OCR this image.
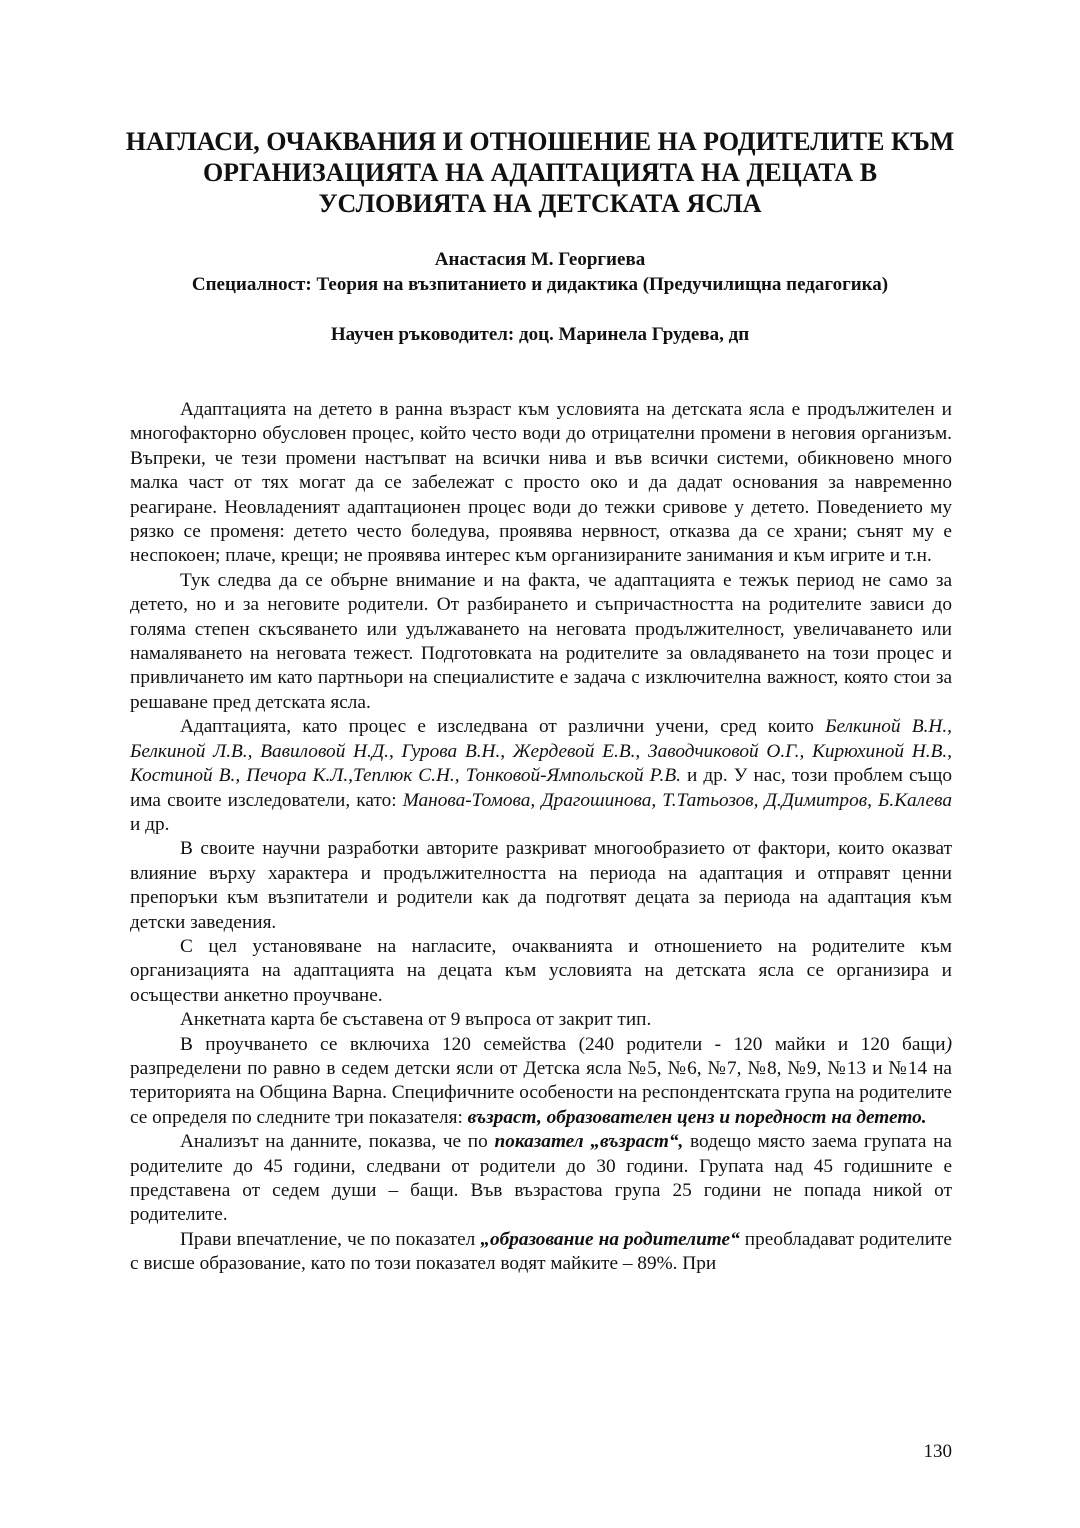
НАГЛАСИ, ОЧАКВАНИЯ И ОТНОШЕНИЕ НА РОДИТЕЛИТЕ КЪМ
ОРГАНИЗАЦИЯТА НА АДАПТАЦИЯТА НА ДЕЦАТА В
УСЛОВИЯТА НА ДЕТСКАТА ЯСЛА

Анастасия М. Георгиева

Специалност: Теория на възпитанието и дидактика (Предучилищна педагогика)

Научен ръководител: доц. Маринела Грудева, дп

Адаптацията на детето в ранна възраст към условията на детската ясла е продължителен и многофакторно обусловен процес, който често води до отрицателни промени в неговия организъм. Въпреки, че тези промени настъпват на всички нива и във всички системи, обикновено много малка част от тях могат да се забележат с просто око и да дадат основания за навременно реагиране. Неовладеният адаптационен процес води до тежки сривове у детето. Поведението му рязко се променя: детето често боледува, проявява нервност, отказва да се храни; сънят му е неспокоен; плаче, крещи; не проявява интерес към организираните занимания и към игрите и т.н.

Тук следва да се обърне внимание и на факта, че адаптацията е тежък период не само за детето, но и за неговите родители. От разбирането и съпричастността на родителите зависи до голяма степен скъсяването или удължаването на неговата продължителност, увеличаването или намаляването на неговата тежест. Подготовката на родителите за овладяването на този процес и привличането им като партньори на специалистите е задача с изключителна важност, която стои за решаване пред детската ясла.

Адаптацията, като процес е изследвана от различни учени, сред които Белкиной В.Н., Белкиной Л.В., Вавиловой Н.Д., Гурова В.Н., Жердевой Е.В., Заводчиковой О.Г., Кирюхиной Н.В., Костиной В., Печора К.Л.,Теплюк С.Н., Тонковой-Ямпольской Р.В. и др. У нас, този проблем също има своите изследователи, като: Манова-Томова, Драгошинова, Т.Татьозов, Д.Димитров, Б.Калева и др.

В своите научни разработки авторите разкриват многообразието от фактори, които оказват влияние върху характера и продължителността на периода на адаптация и отправят ценни препоръки към възпитатели и родители как да подготвят децата за периода на адаптация към детски заведения.

С цел установяване на нагласите, очакванията и отношението на родителите към организацията на адаптацията на децата към условията на детската ясла се организира и осъществи анкетно проучване.

Анкетната карта бе съставена от 9 въпроса от закрит тип.

В проучването се включиха 120 семейства (240 родители - 120 майки и 120 бащи) разпределени по равно в седем детски ясли от Детска ясла №5, №6, №7, №8, №9, №13 и №14 на територията на Община Варна. Специфичните особености на респондентската група на родителите се определя по следните три показателя: възраст, образователен ценз и поредност на детето.

Анализът на данните, показва, че по показател „възраст“, водещо място заема групата на родителите до 45 години, следвани от родители до 30 години. Групата над 45 годишните е представена от седем души – бащи. Във възрастова група 25 години не попада никой от родителите.

Прави впечатление, че по показател „образование на родителите“ преобладават родителите с висше образование, като по този показател водят майките – 89%. При

130
